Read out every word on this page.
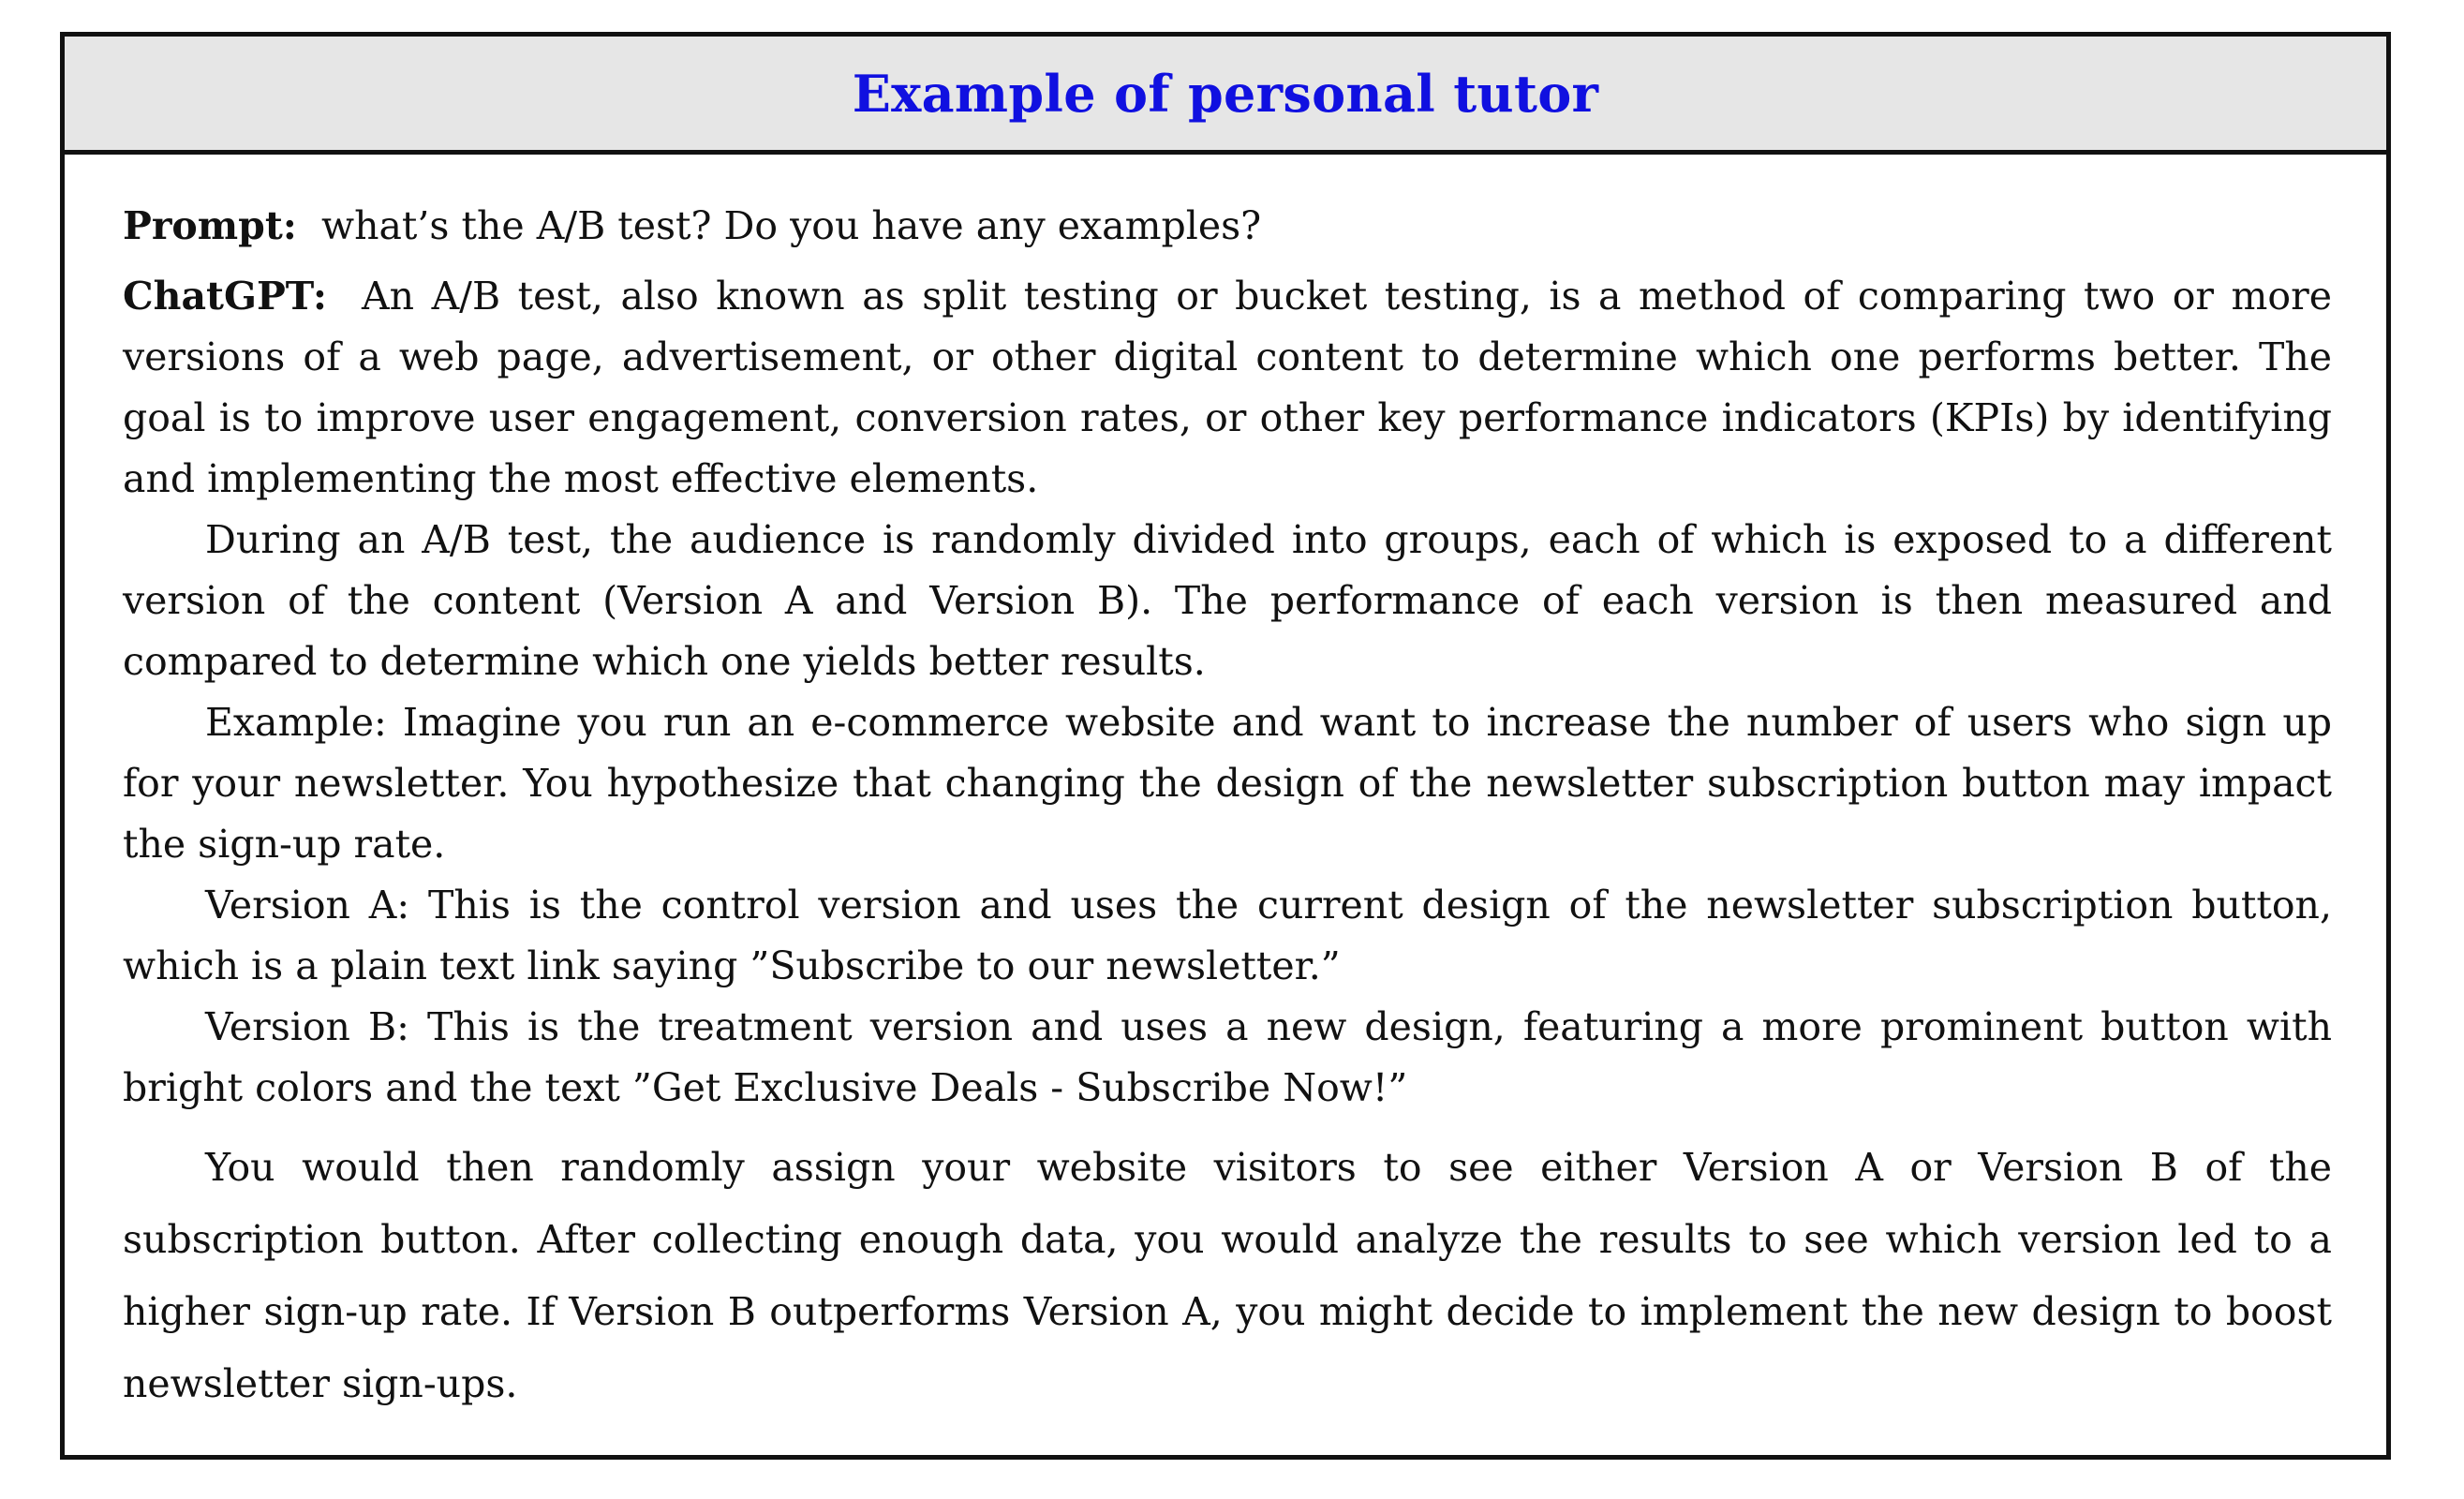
Example of personal tutor

Prompt: what’s the A/B test? Do you have any examples?

ChatGPT: An A/B test, also known as split testing or bucket testing, is a method of comparing two or more versions of a web page, advertisement, or other digital content to determine which one performs better. The goal is to improve user engagement, conversion rates, or other key performance indicators (KPIs) by identifying and implementing the most effective elements.

During an A/B test, the audience is randomly divided into groups, each of which is exposed to a different version of the content (Version A and Version B). The performance of each version is then measured and compared to determine which one yields better results.

Example: Imagine you run an e-commerce website and want to increase the number of users who sign up for your newsletter. You hypothesize that changing the design of the newsletter subscription button may impact the sign-up rate.

Version A: This is the control version and uses the current design of the newsletter subscription button, which is a plain text link saying ”Subscribe to our newsletter.”

Version B: This is the treatment version and uses a new design, featuring a more prominent button with bright colors and the text ”Get Exclusive Deals - Subscribe Now!”

You would then randomly assign your website visitors to see either Version A or Version B of the subscription button. After collecting enough data, you would analyze the results to see which version led to a higher sign-up rate. If Version B outperforms Version A, you might decide to implement the new design to boost newsletter sign-ups.
